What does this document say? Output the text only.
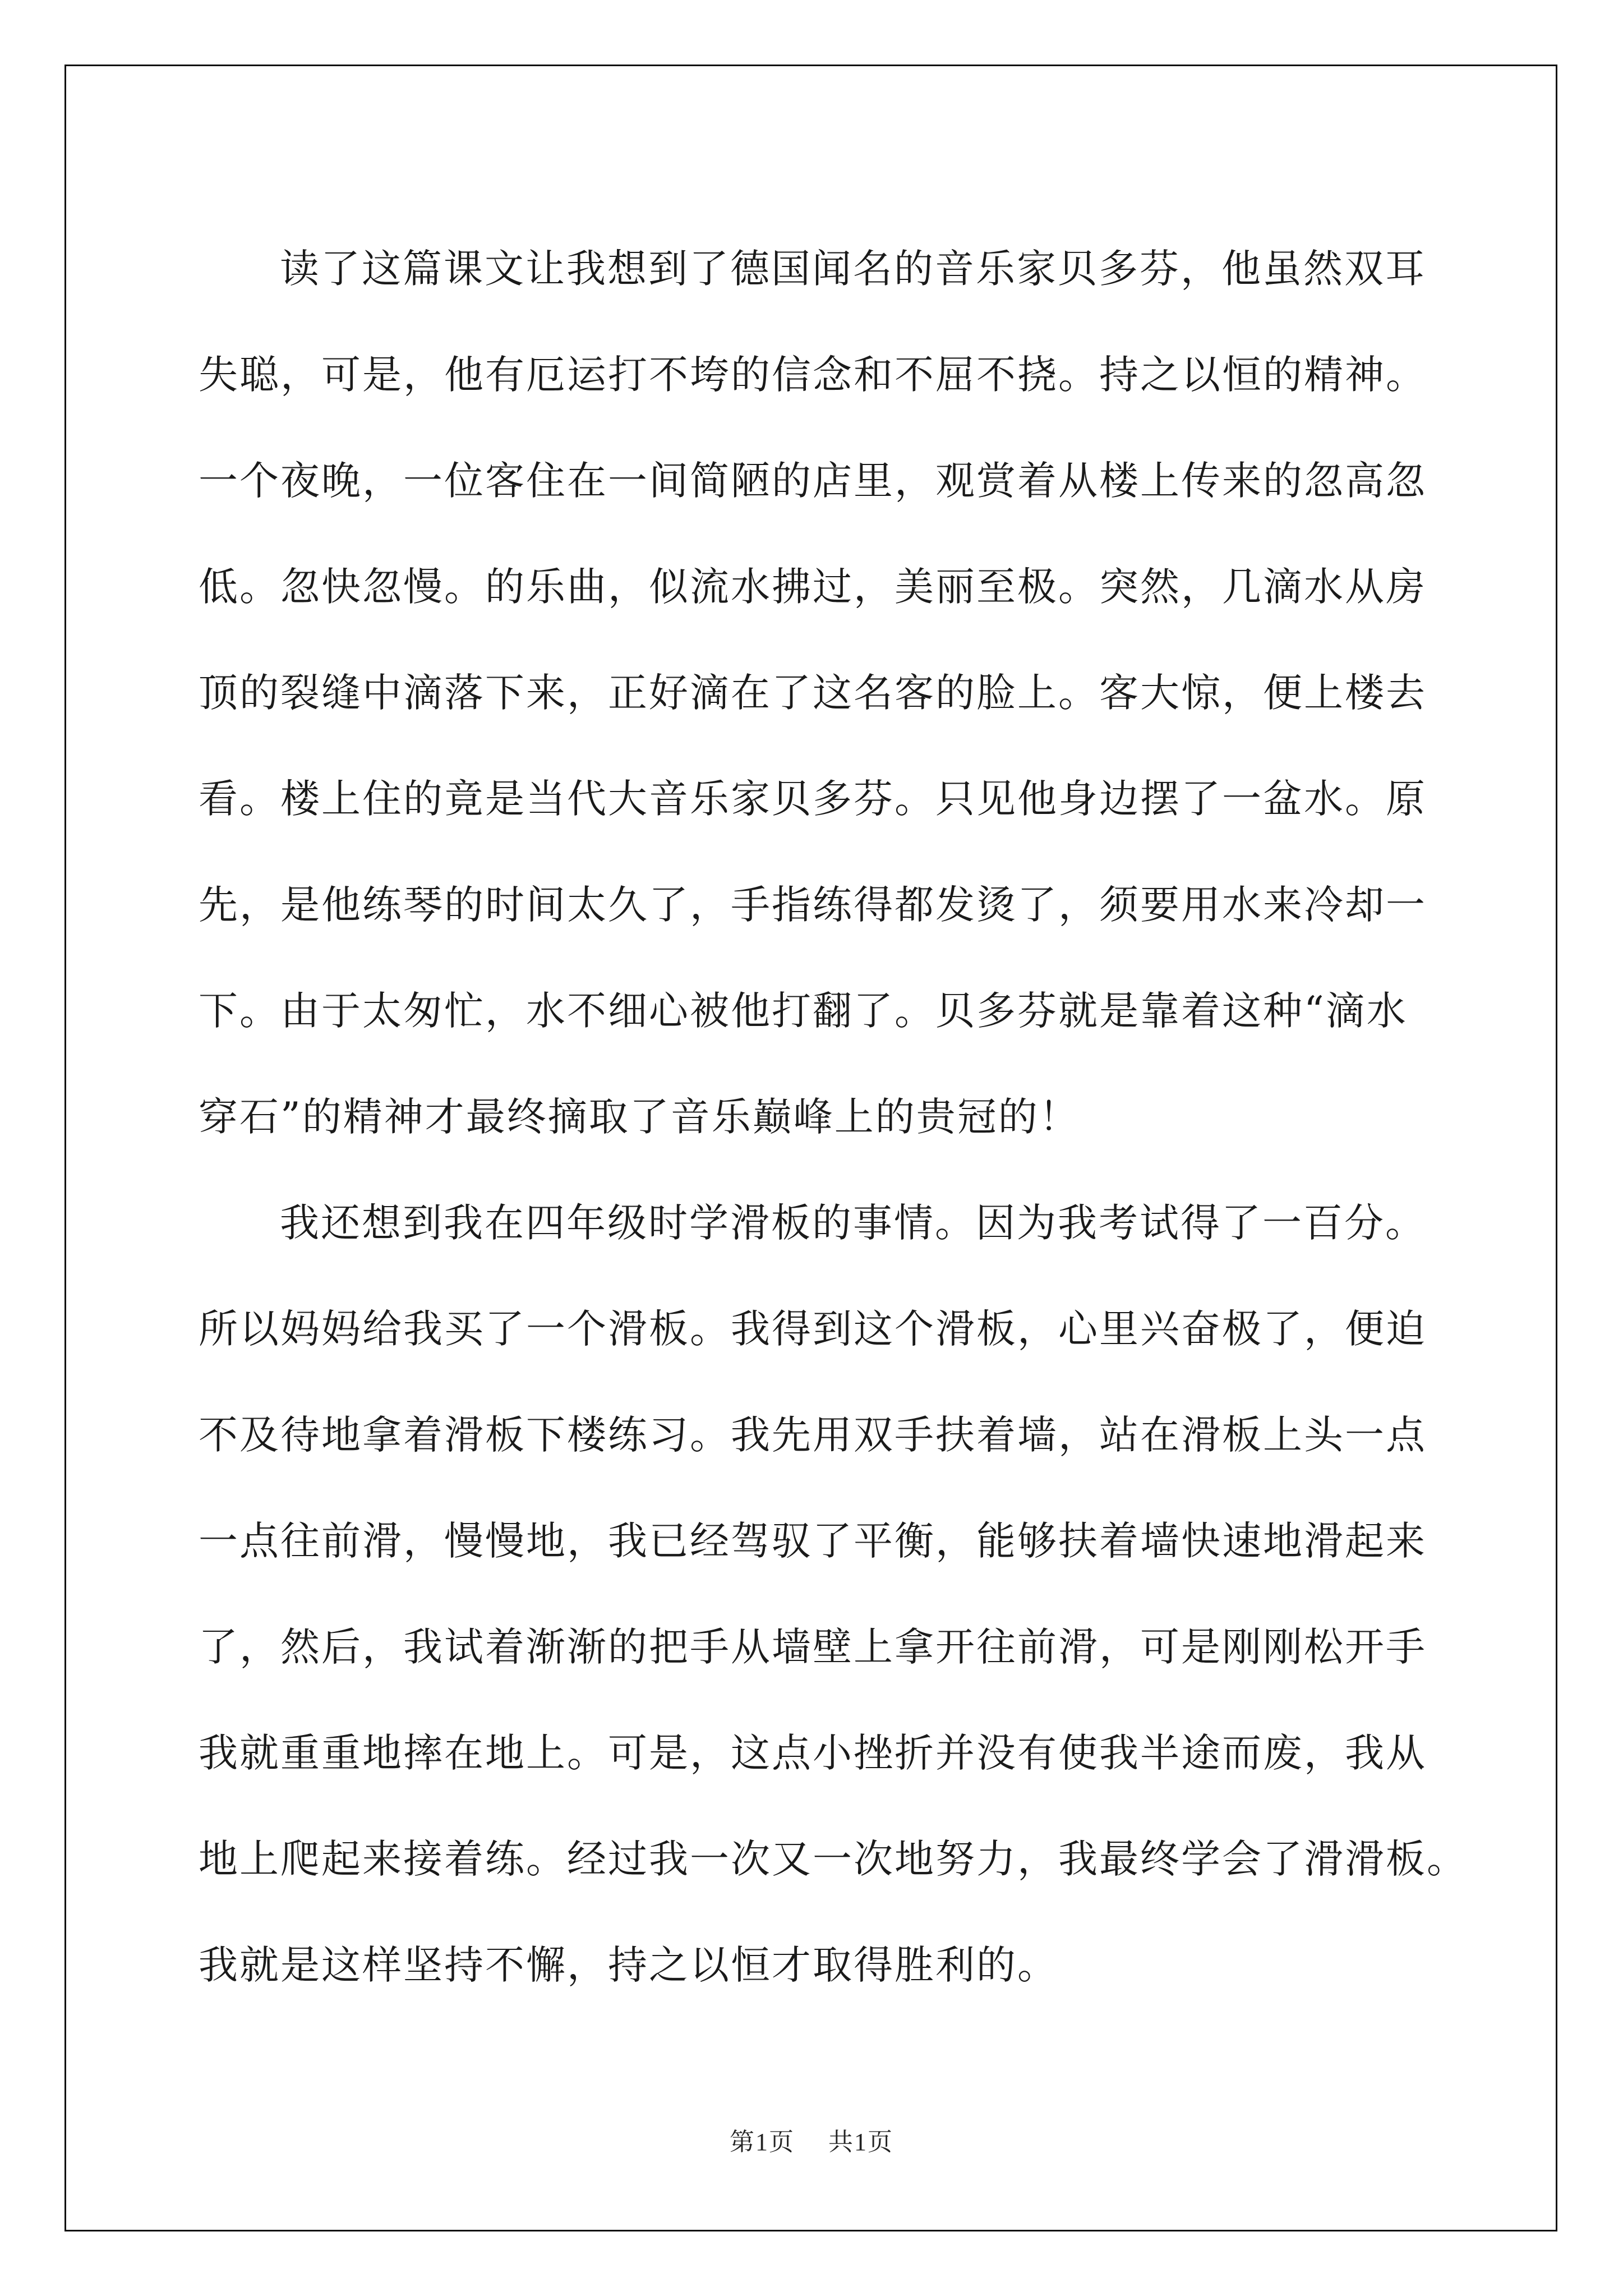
读了这篇课文让我想到了德国闻名的音乐家贝多芬，他虽然双耳
失聪，可是，他有厄运打不垮的信念和不屈不挠。持之以恒的精神。
一个夜晚，一位客住在一间简陋的店里，观赏着从楼上传来的忽高忽
低。忽快忽慢。的乐曲，似流水拂过，美丽至极。突然，几滴水从房
顶的裂缝中滴落下来，正好滴在了这名客的脸上。客大惊，便上楼去
看。楼上住的竟是当代大音乐家贝多芬。只见他身边摆了一盆水。原
先，是他练琴的时间太久了，手指练得都发烫了，须要用水来冷却一
下。由于太匆忙，水不细心被他打翻了。贝多芬就是靠着这种“滴水
穿石”的精神才最终摘取了音乐巅峰上的贵冠的！

我还想到我在四年级时学滑板的事情。因为我考试得了一百分。
所以妈妈给我买了一个滑板。我得到这个滑板，心里兴奋极了，便迫
不及待地拿着滑板下楼练习。我先用双手扶着墙，站在滑板上头一点
一点往前滑，慢慢地，我已经驾驭了平衡，能够扶着墙快速地滑起来
了，然后，我试着渐渐的把手从墙壁上拿开往前滑，可是刚刚松开手
我就重重地摔在地上。可是，这点小挫折并没有使我半途而废，我从
地上爬起来接着练。经过我一次又一次地努力，我最终学会了滑滑板。
我就是这样坚持不懈，持之以恒才取得胜利的。

第1页 共1页
